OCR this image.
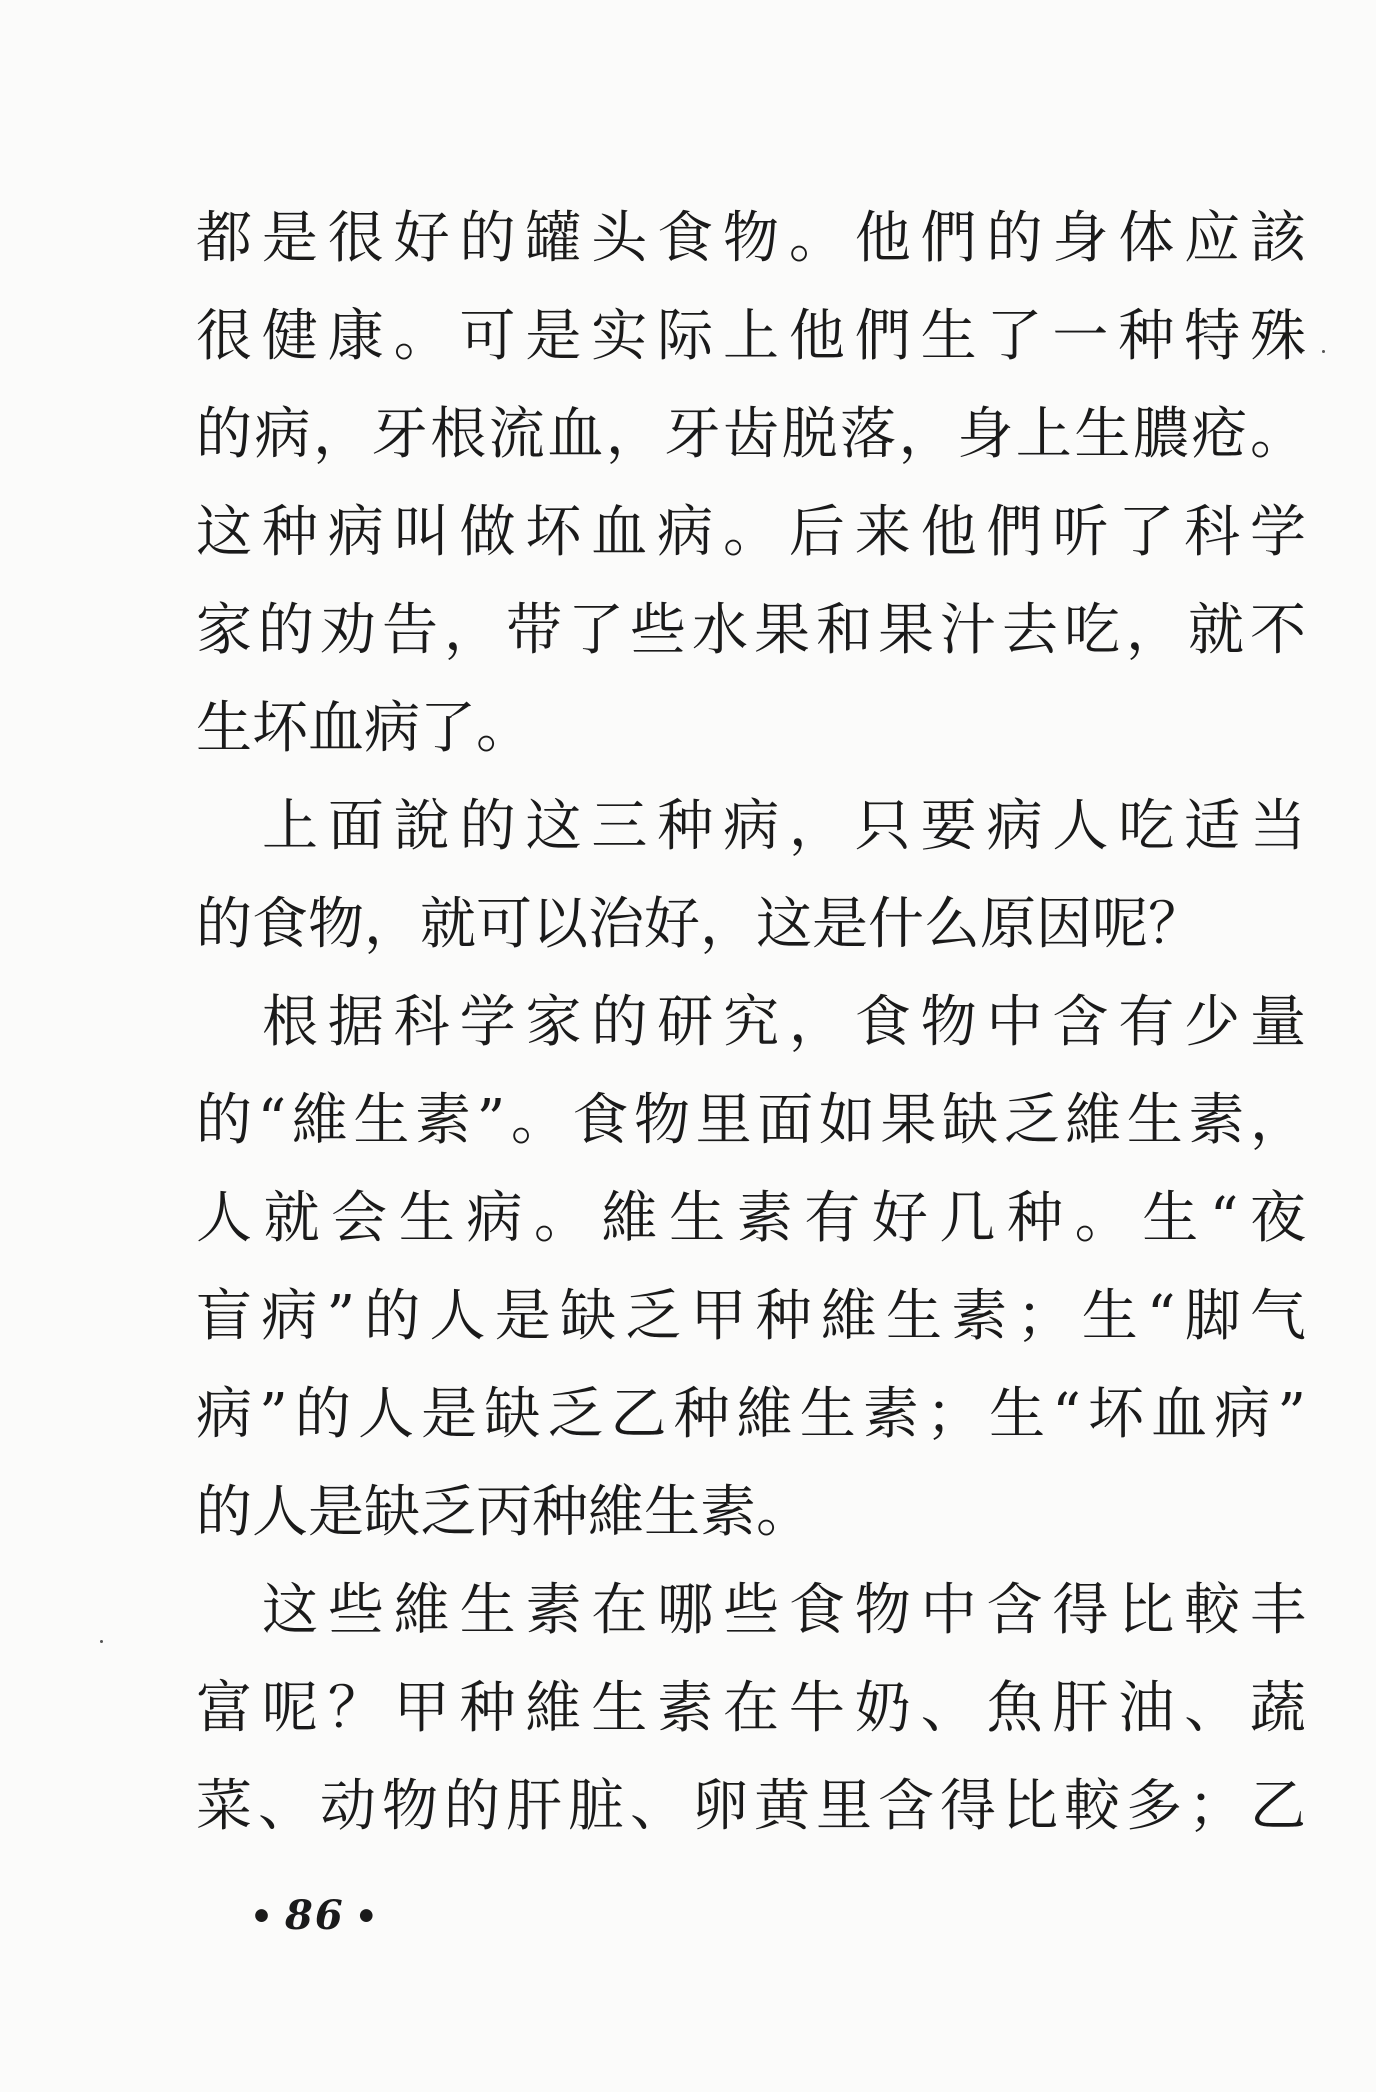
都是很好的罐头食物。他們的身体应該
很健康。可是实际上他們生了一种特殊
的病，牙根流血，牙齿脱落，身上生膿疮。
这种病叫做坏血病。后来他們听了科学
家的劝告，带了些水果和果汁去吃，就不
生坏血病了。
上面說的这三种病，只要病人吃适当
的食物，就可以治好，这是什么原因呢？
根据科学家的研究，食物中含有少量
的“維生素”。食物里面如果缺乏維生素，
人就会生病。維生素有好几种。生“夜
盲病”的人是缺乏甲种維生素；生“脚气
病”的人是缺乏乙种維生素；生“坏血病”
的人是缺乏丙种維生素。
这些維生素在哪些食物中含得比較丰
富呢？甲种維生素在牛奶、魚肝油、蔬
菜、动物的肝脏、卵黄里含得比較多；乙
• 86 •
